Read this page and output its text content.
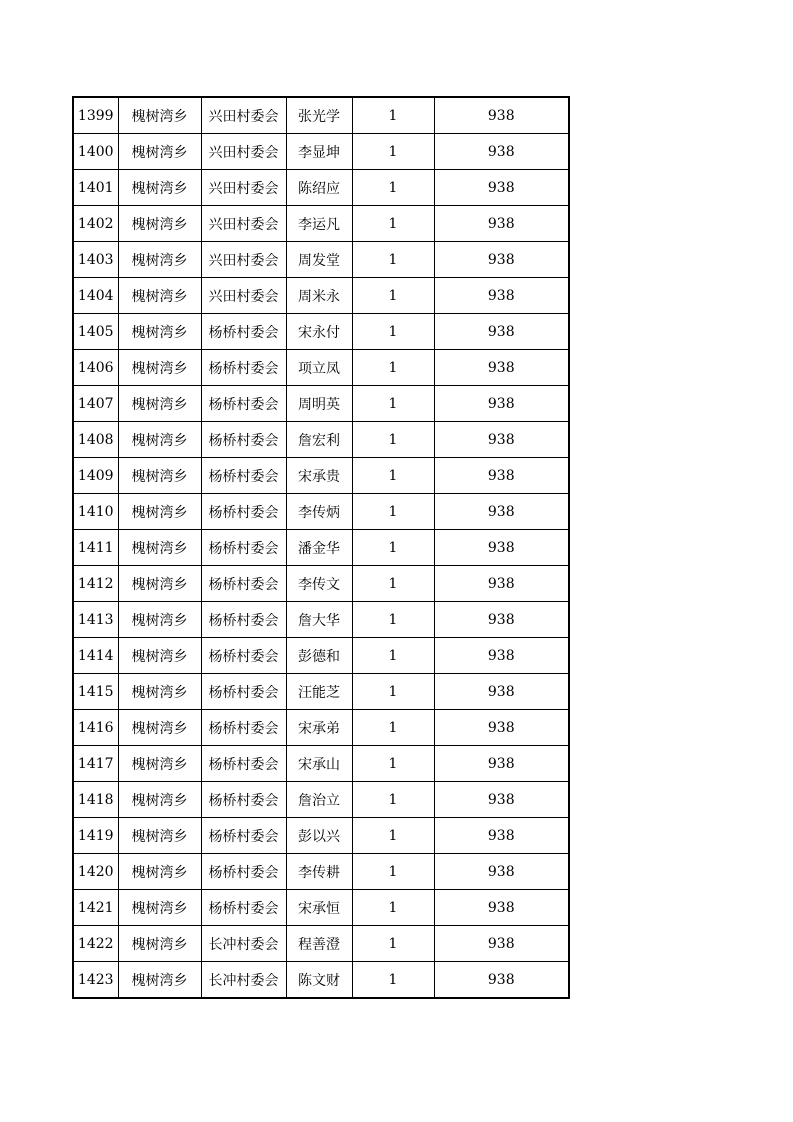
1399	槐树湾乡	兴田村委会	张光学	1	938
1400	槐树湾乡	兴田村委会	李显坤	1	938
1401	槐树湾乡	兴田村委会	陈绍应	1	938
1402	槐树湾乡	兴田村委会	李运凡	1	938
1403	槐树湾乡	兴田村委会	周发堂	1	938
1404	槐树湾乡	兴田村委会	周米永	1	938
1405	槐树湾乡	杨桥村委会	宋永付	1	938
1406	槐树湾乡	杨桥村委会	项立凤	1	938
1407	槐树湾乡	杨桥村委会	周明英	1	938
1408	槐树湾乡	杨桥村委会	詹宏利	1	938
1409	槐树湾乡	杨桥村委会	宋承贵	1	938
1410	槐树湾乡	杨桥村委会	李传炳	1	938
1411	槐树湾乡	杨桥村委会	潘金华	1	938
1412	槐树湾乡	杨桥村委会	李传文	1	938
1413	槐树湾乡	杨桥村委会	詹大华	1	938
1414	槐树湾乡	杨桥村委会	彭德和	1	938
1415	槐树湾乡	杨桥村委会	汪能芝	1	938
1416	槐树湾乡	杨桥村委会	宋承弟	1	938
1417	槐树湾乡	杨桥村委会	宋承山	1	938
1418	槐树湾乡	杨桥村委会	詹治立	1	938
1419	槐树湾乡	杨桥村委会	彭以兴	1	938
1420	槐树湾乡	杨桥村委会	李传耕	1	938
1421	槐树湾乡	杨桥村委会	宋承恒	1	938
1422	槐树湾乡	长冲村委会	程善澄	1	938
1423	槐树湾乡	长冲村委会	陈文财	1	938
